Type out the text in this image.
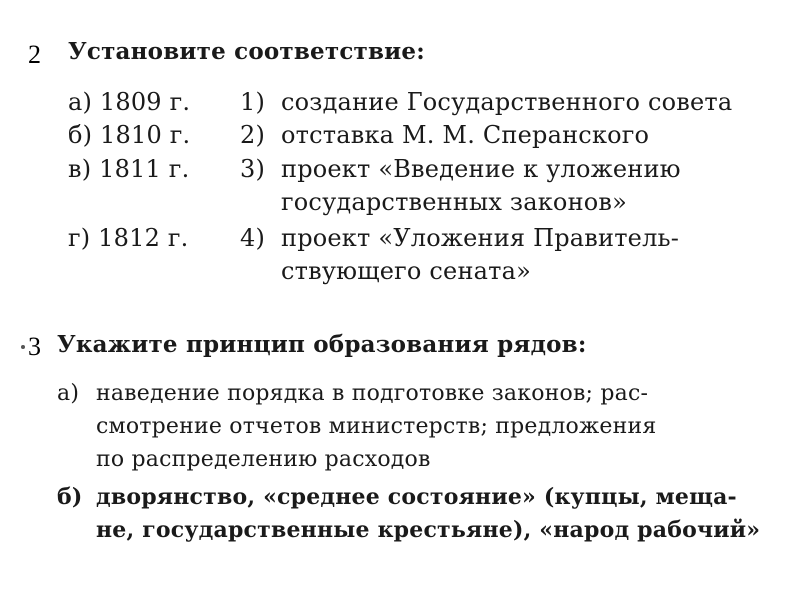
2 Установите соответствие:
а) 1809 г.
б) 1810 г.
в) 1811 г.
г) 1812 г.
1) создание Государственного совета
2) отставка М. М. Сперанского
3) проект «Введение к уложению
государственных законов»
4) проект «Уложения Правитель-
ствующего сената»
3 Укажите принцип образования рядов:
а) наведение порядка в подготовке законов; рас-
смотрение отчетов министерств; предложения
по распределению расходов
б) дворянство, «среднее состояние» (купцы, меща-
не, государственные крестьяне), «народ рабочий»
